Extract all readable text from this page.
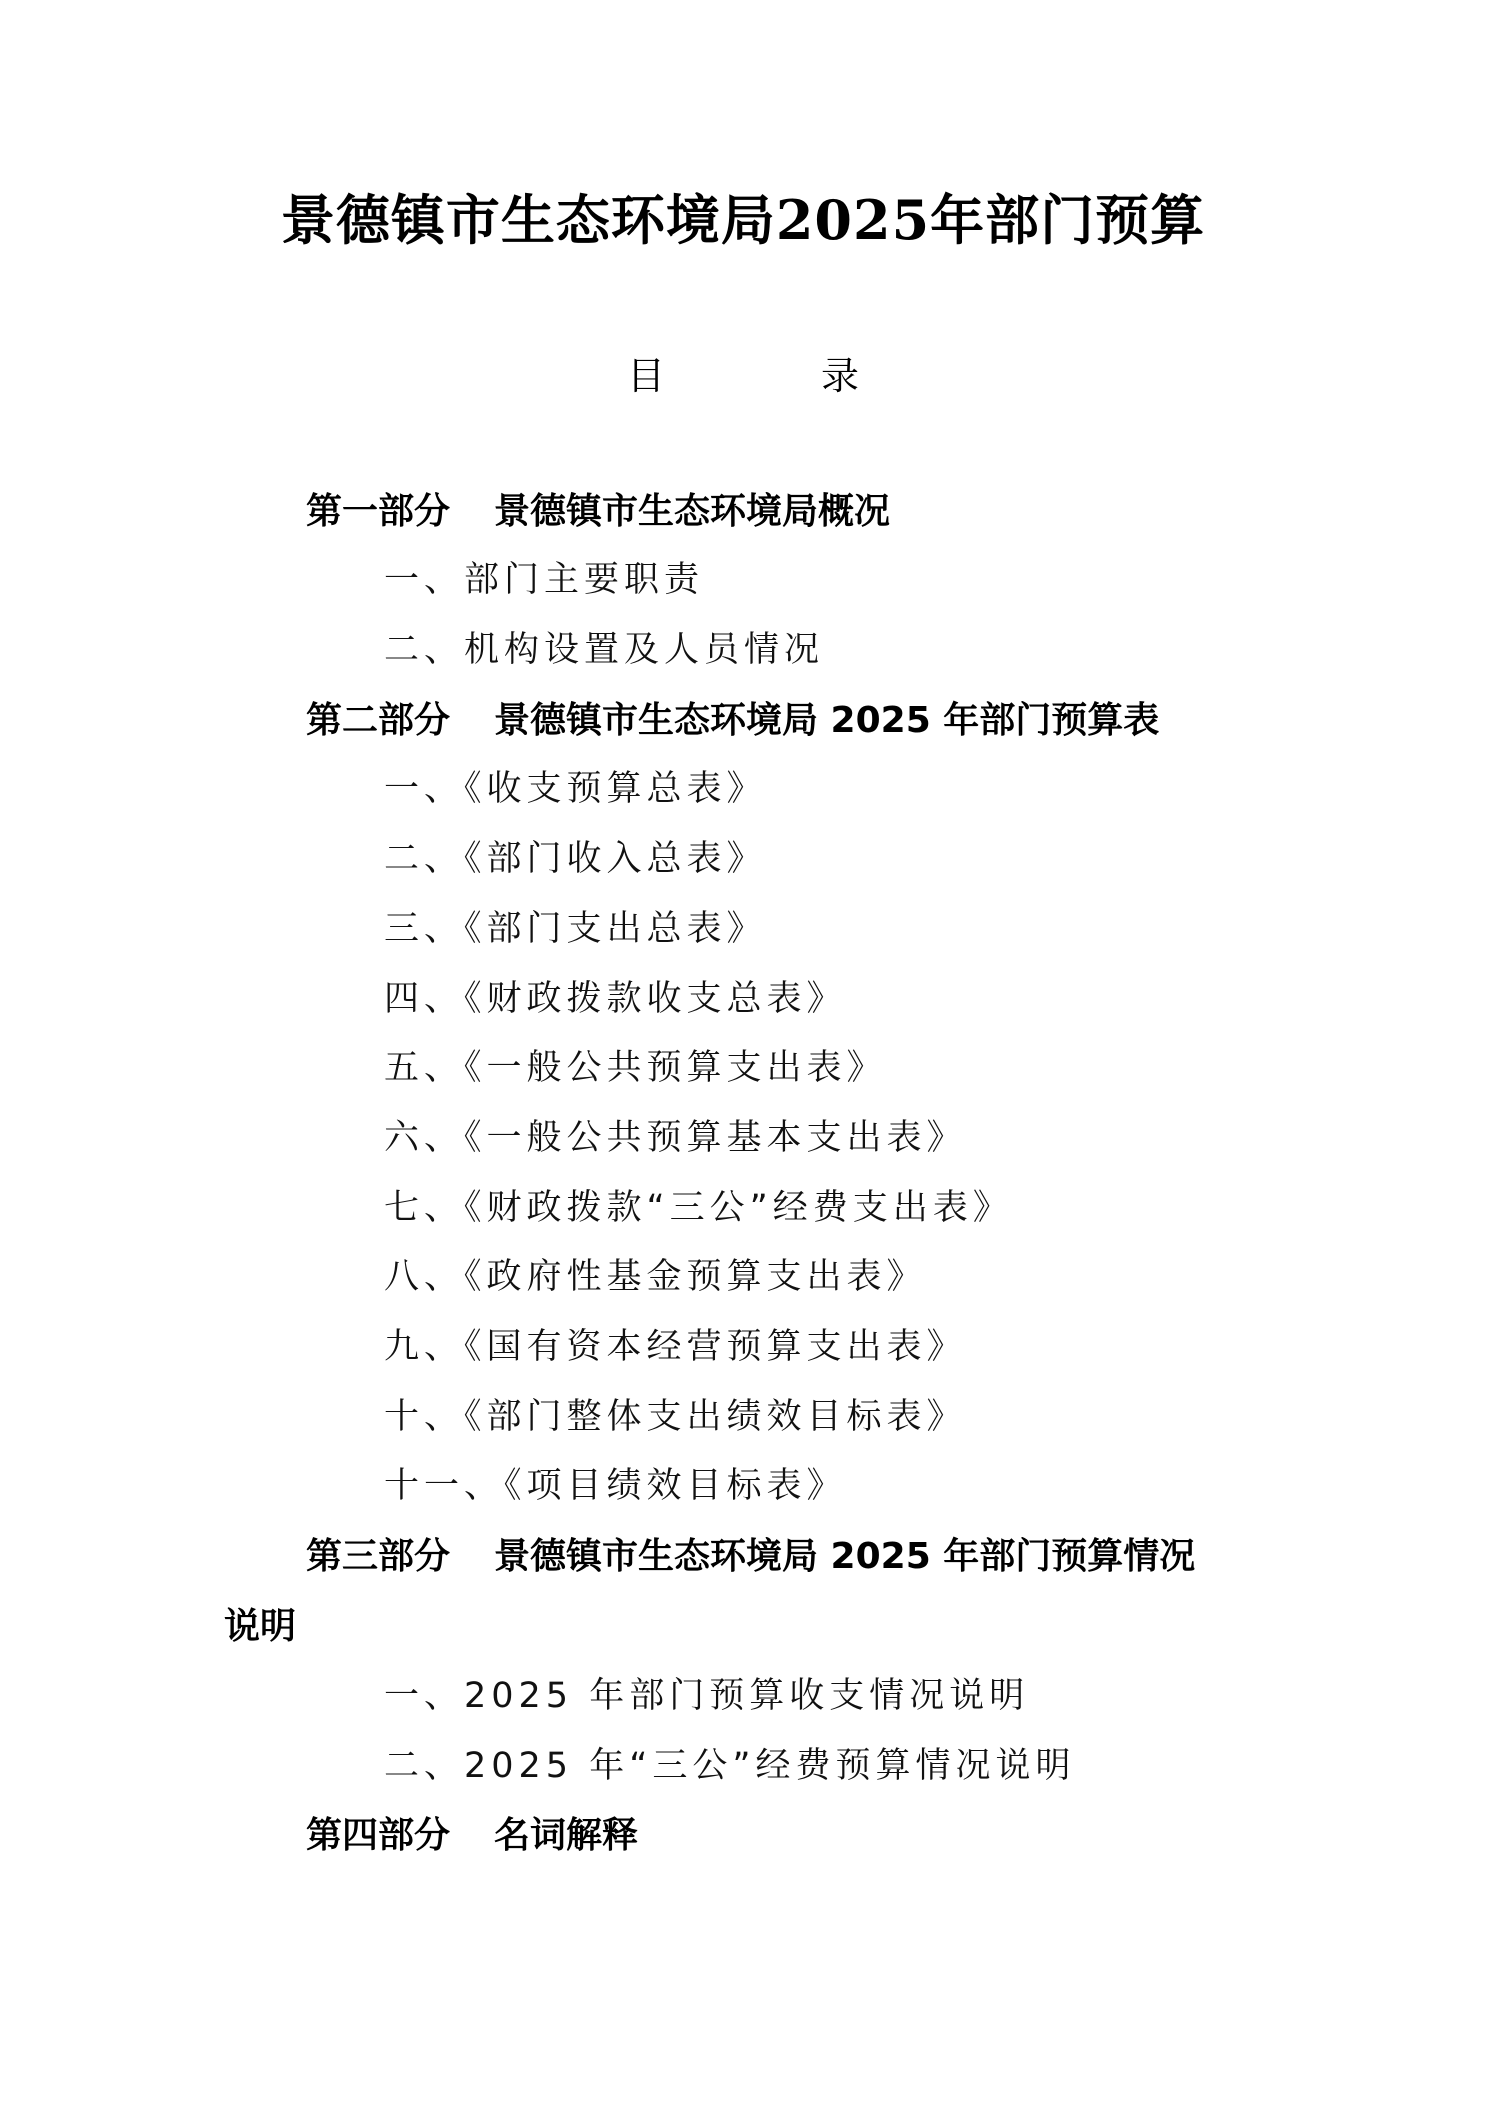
景德镇市生态环境局2025年部门预算
目 录
第一部分 景德镇市生态环境局概况
一、部门主要职责
二、机构设置及人员情况
第二部分 景德镇市生态环境局 2025 年部门预算表
一、《收支预算总表》
二、《部门收入总表》
三、《部门支出总表》
四、《财政拨款收支总表》
五、《一般公共预算支出表》
六、《一般公共预算基本支出表》
七、《财政拨款“三公”经费支出表》
八、《政府性基金预算支出表》
九、《国有资本经营预算支出表》
十、《部门整体支出绩效目标表》
十一、《项目绩效目标表》
第三部分 景德镇市生态环境局 2025 年部门预算情况
说明
一、2025 年部门预算收支情况说明
二、2025 年“三公”经费预算情况说明
第四部分 名词解释
